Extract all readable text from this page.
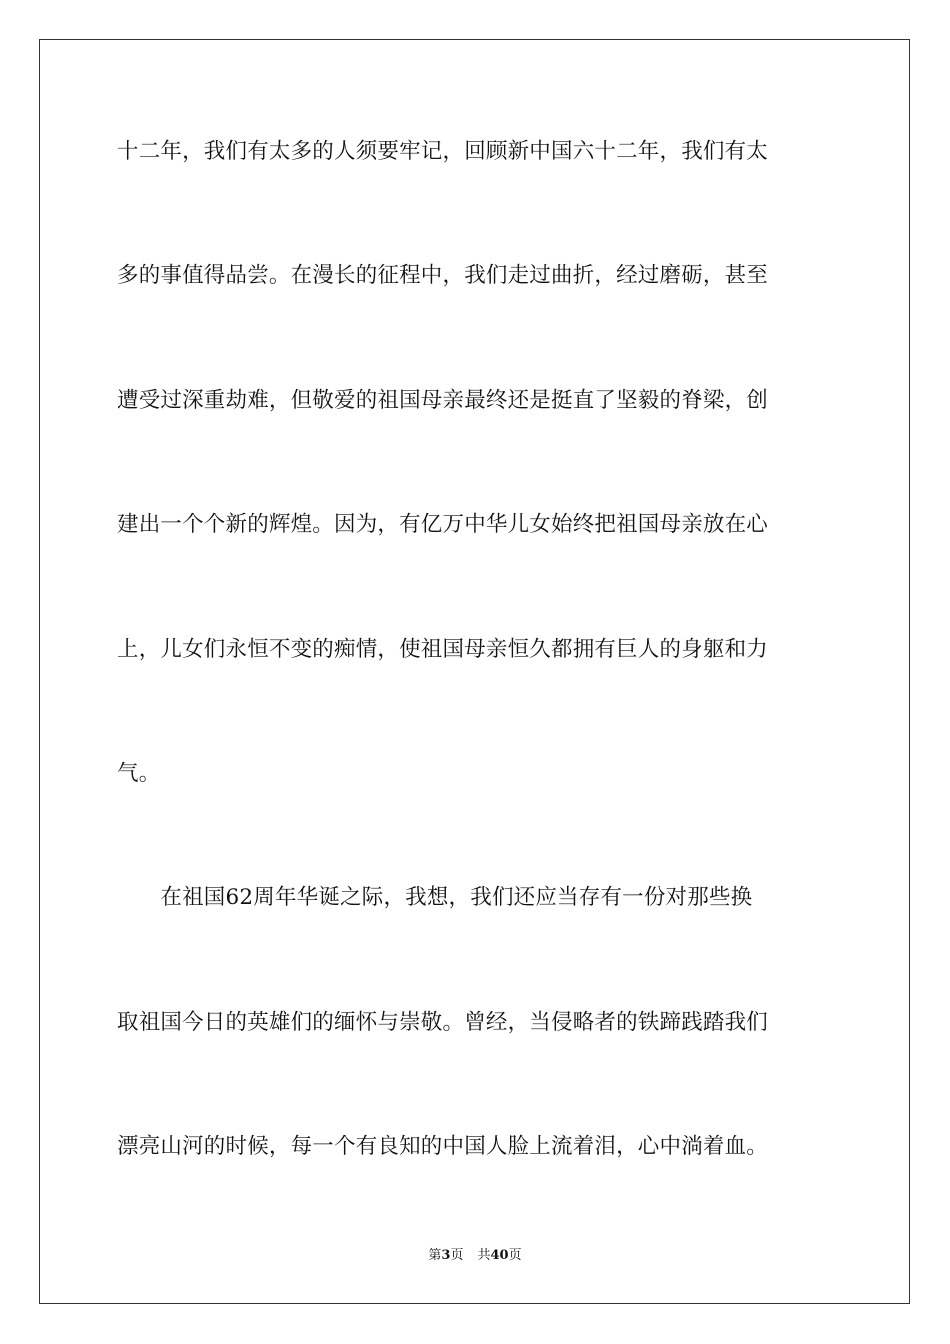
十二年，我们有太多的人须要牢记，回顾新中国六十二年，我们有太
多的事值得品尝。在漫长的征程中，我们走过曲折，经过磨砺，甚至
遭受过深重劫难，但敬爱的祖国母亲最终还是挺直了坚毅的脊梁，创
建出一个个新的辉煌。因为，有亿万中华儿女始终把祖国母亲放在心
上，儿女们永恒不变的痴情，使祖国母亲恒久都拥有巨人的身躯和力
气。
　　在祖国62周年华诞之际，我想，我们还应当存有一份对那些换
取祖国今日的英雄们的缅怀与崇敬。曾经，当侵略者的铁蹄践踏我们
漂亮山河的时候，每一个有良知的中国人脸上流着泪，心中淌着血。
第3页 共40页
